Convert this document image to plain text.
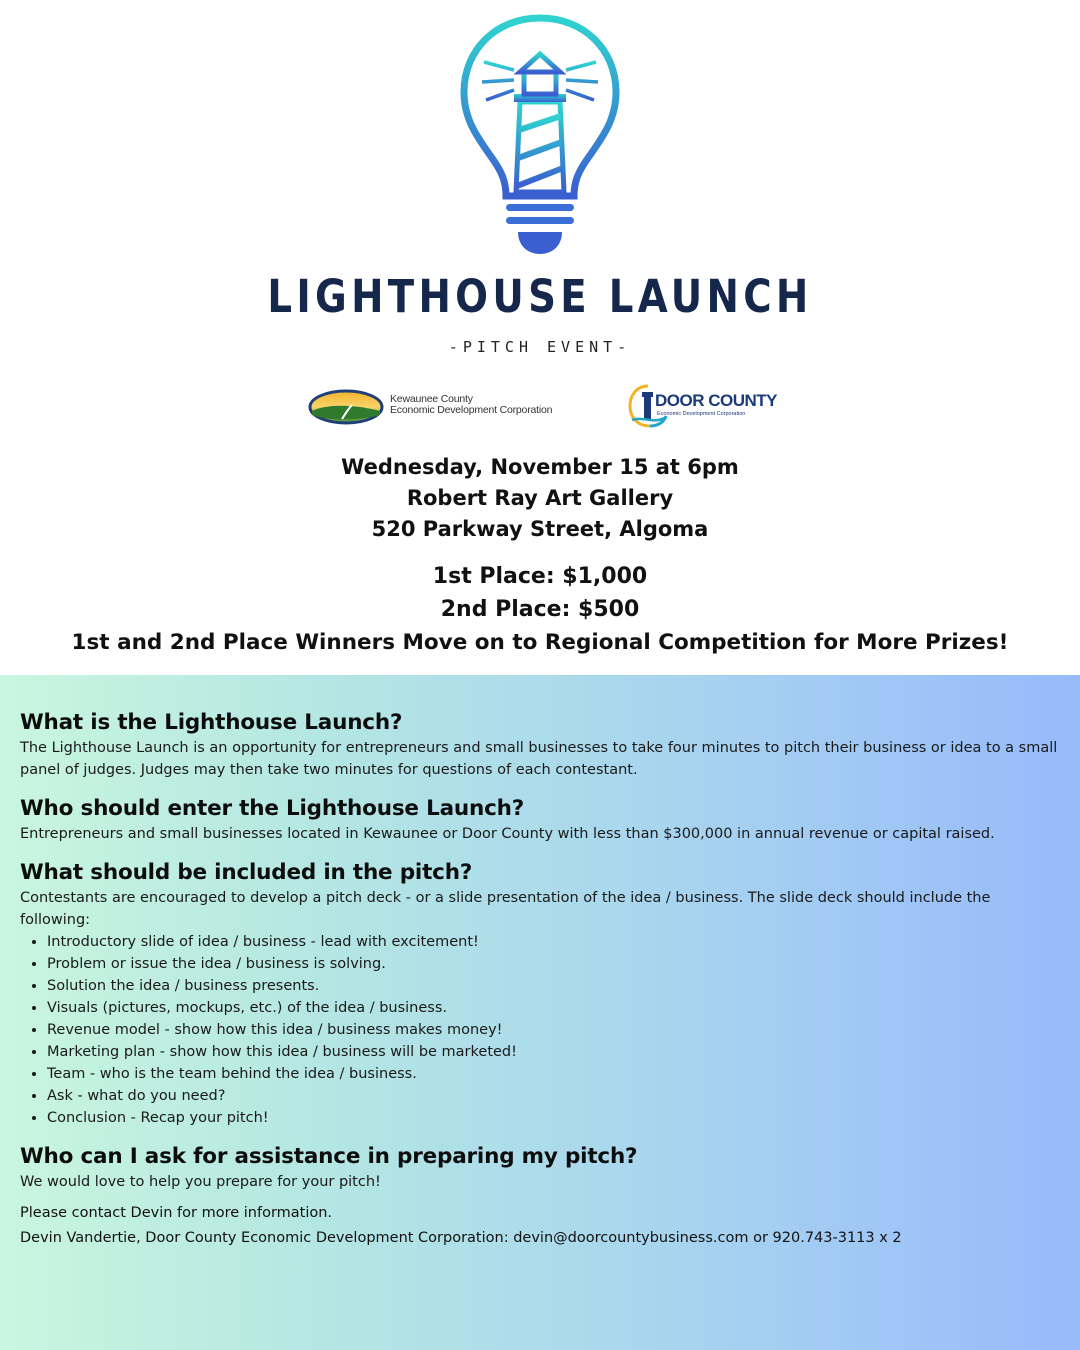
LIGHTHOUSE LAUNCH
-PITCH EVENT-
Kewaunee County
Economic Development Corporation	DOOR COUNTY
Economic Development Corporation
Wednesday, November 15 at 6pm
Robert Ray Art Gallery
520 Parkway Street, Algoma
1st Place: $1,000
2nd Place: $500
1st and 2nd Place Winners Move on to Regional Competition for More Prizes!
What is the Lighthouse Launch?

The Lighthouse Launch is an opportunity for entrepreneurs and small businesses to take four minutes to pitch their business or idea to a small panel of judges. Judges may then take two minutes for questions of each contestant.

Who should enter the Lighthouse Launch?

Entrepreneurs and small businesses located in Kewaunee or Door County with less than $300,000 in annual revenue or capital raised.

What should be included in the pitch?

Contestants are encouraged to develop a pitch deck - or a slide presentation of the idea / business. The slide deck should include the following:

• Introductory slide of idea / business - lead with excitement!
• Problem or issue the idea / business is solving.
• Solution the idea / business presents.
• Visuals (pictures, mockups, etc.) of the idea / business.
• Revenue model - show how this idea / business makes money!
• Marketing plan - show how this idea / business will be marketed!
• Team - who is the team behind the idea / business.
• Ask - what do you need?
• Conclusion - Recap your pitch!
Who can I ask for assistance in preparing my pitch?

We would love to help you prepare for your pitch!

Please contact Devin for more information.
Devin Vandertie, Door County Economic Development Corporation: devin@doorcountybusiness.com or 920.743-3113 x 2
